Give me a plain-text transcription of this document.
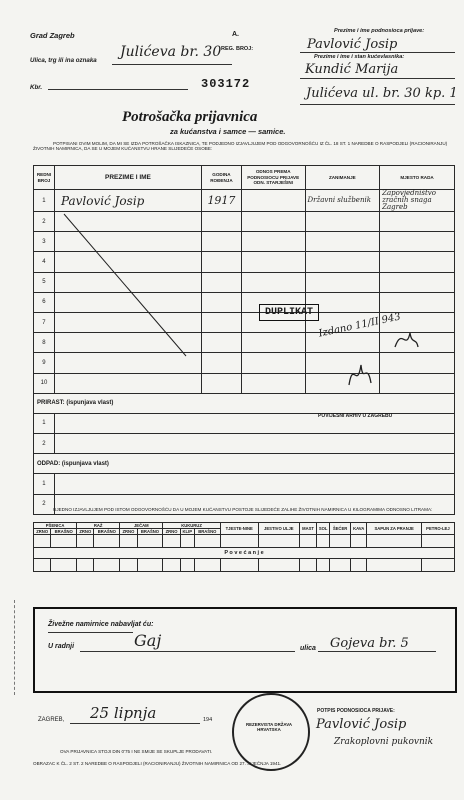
Grad Zagreb	A.
Ulica, trg ili ina oznaka
Julićeva br. 30 REG. BROJ:
Kbr.	303172
Prezime i ime podnosioca prijave:
Pavlović Josip
Prezime i ime i stan kućevlasnika:
Kundić Marija
Julićeva ul. br. 30 kp. 1
Potrošačka prijavnica
za kućanstva i samce — samice.
POTPISANI OVIM MOLIM, DA MI SE IZDA POTROŠAČKA ISKAZNICA, TE PODJEDNO IZJAVLJUJEM POD ODGOVORNOŠĆU IZ ČL. 18 ST. 1 NAREDBE O RASPODJELI (RACIONIRANJU) ŽIVOTNIH NAMIRNICA, DA SE U MOJEM KUĆANSTVU HRANE SLIJEDEĆE OSOBE:
REDNI BROJ	PREZIME I IME	GODINA ROĐENJA	ODNOS PREMA PODNOSIOCU PRIJAVE ODN. STARJEŠINI	ZANIMANJE	MJESTO RADA
1	Pavlović Josip	1917		Državni službenik	Zapovjedništvo zračnih snaga Zagreb
2					
3					
4					
5					
6					
7					
8					
9					
10					
PRIRAST: (ispunjava vlast)					
1					
2					
ODPAD: (ispunjava vlast)					
1					
2					
DUPLIKAT
POVIJESNI ARHIV U ZAGREBU
Izdano 11/II 943
UJEDNO IZJAVLJUJEM POD ISTOM ODGOVORNOŠĆU DA U MOJEM KUĆANSTVU POSTOJE SLIJEDEĆE ZALIHE ŽIVOTNIH NAMIRNICA U KILOGRAMIMA ODNOSNO LITRAMA:
PŠENICA		RAŽ		JEČAM		KUKURUZ			TJESTE-NINE	JESTIVO ULJE	MAST	SOL	ŠEĆER	KAVA	SAPUN ZA PRANJE	PETRO-LEJ
ZRNO	BRAŠNO	ZRNO	BRAŠNO	ZRNO	BRAŠNO	ZRNO	KLIP	BRAŠNO								

P o v e ć a n j e																

Živežne namirnice nabavljat ću:
U radnji	Gaj	ulica Gojeva br. 5
ZAGREB, 25 lipnja	194
POTPIS PODNOSIOCA PRIJAVE:
Pavlović Josip
Zrakoplovni pukovnik
REZERVISTA DRŽAVA HRVATSKA
OVA PRIJAVNICA STOJI DIN 0'75 I NE SMIJE SE SKUPLJE PRODAVATI.
OBRAZAC K ČL. 2 ST. 2 NAREDBE O RASPODJELI (RACIONIRANJU) ŽIVOTNIH NAMIRNICA OD 27. SIJEČNJA 1941.
